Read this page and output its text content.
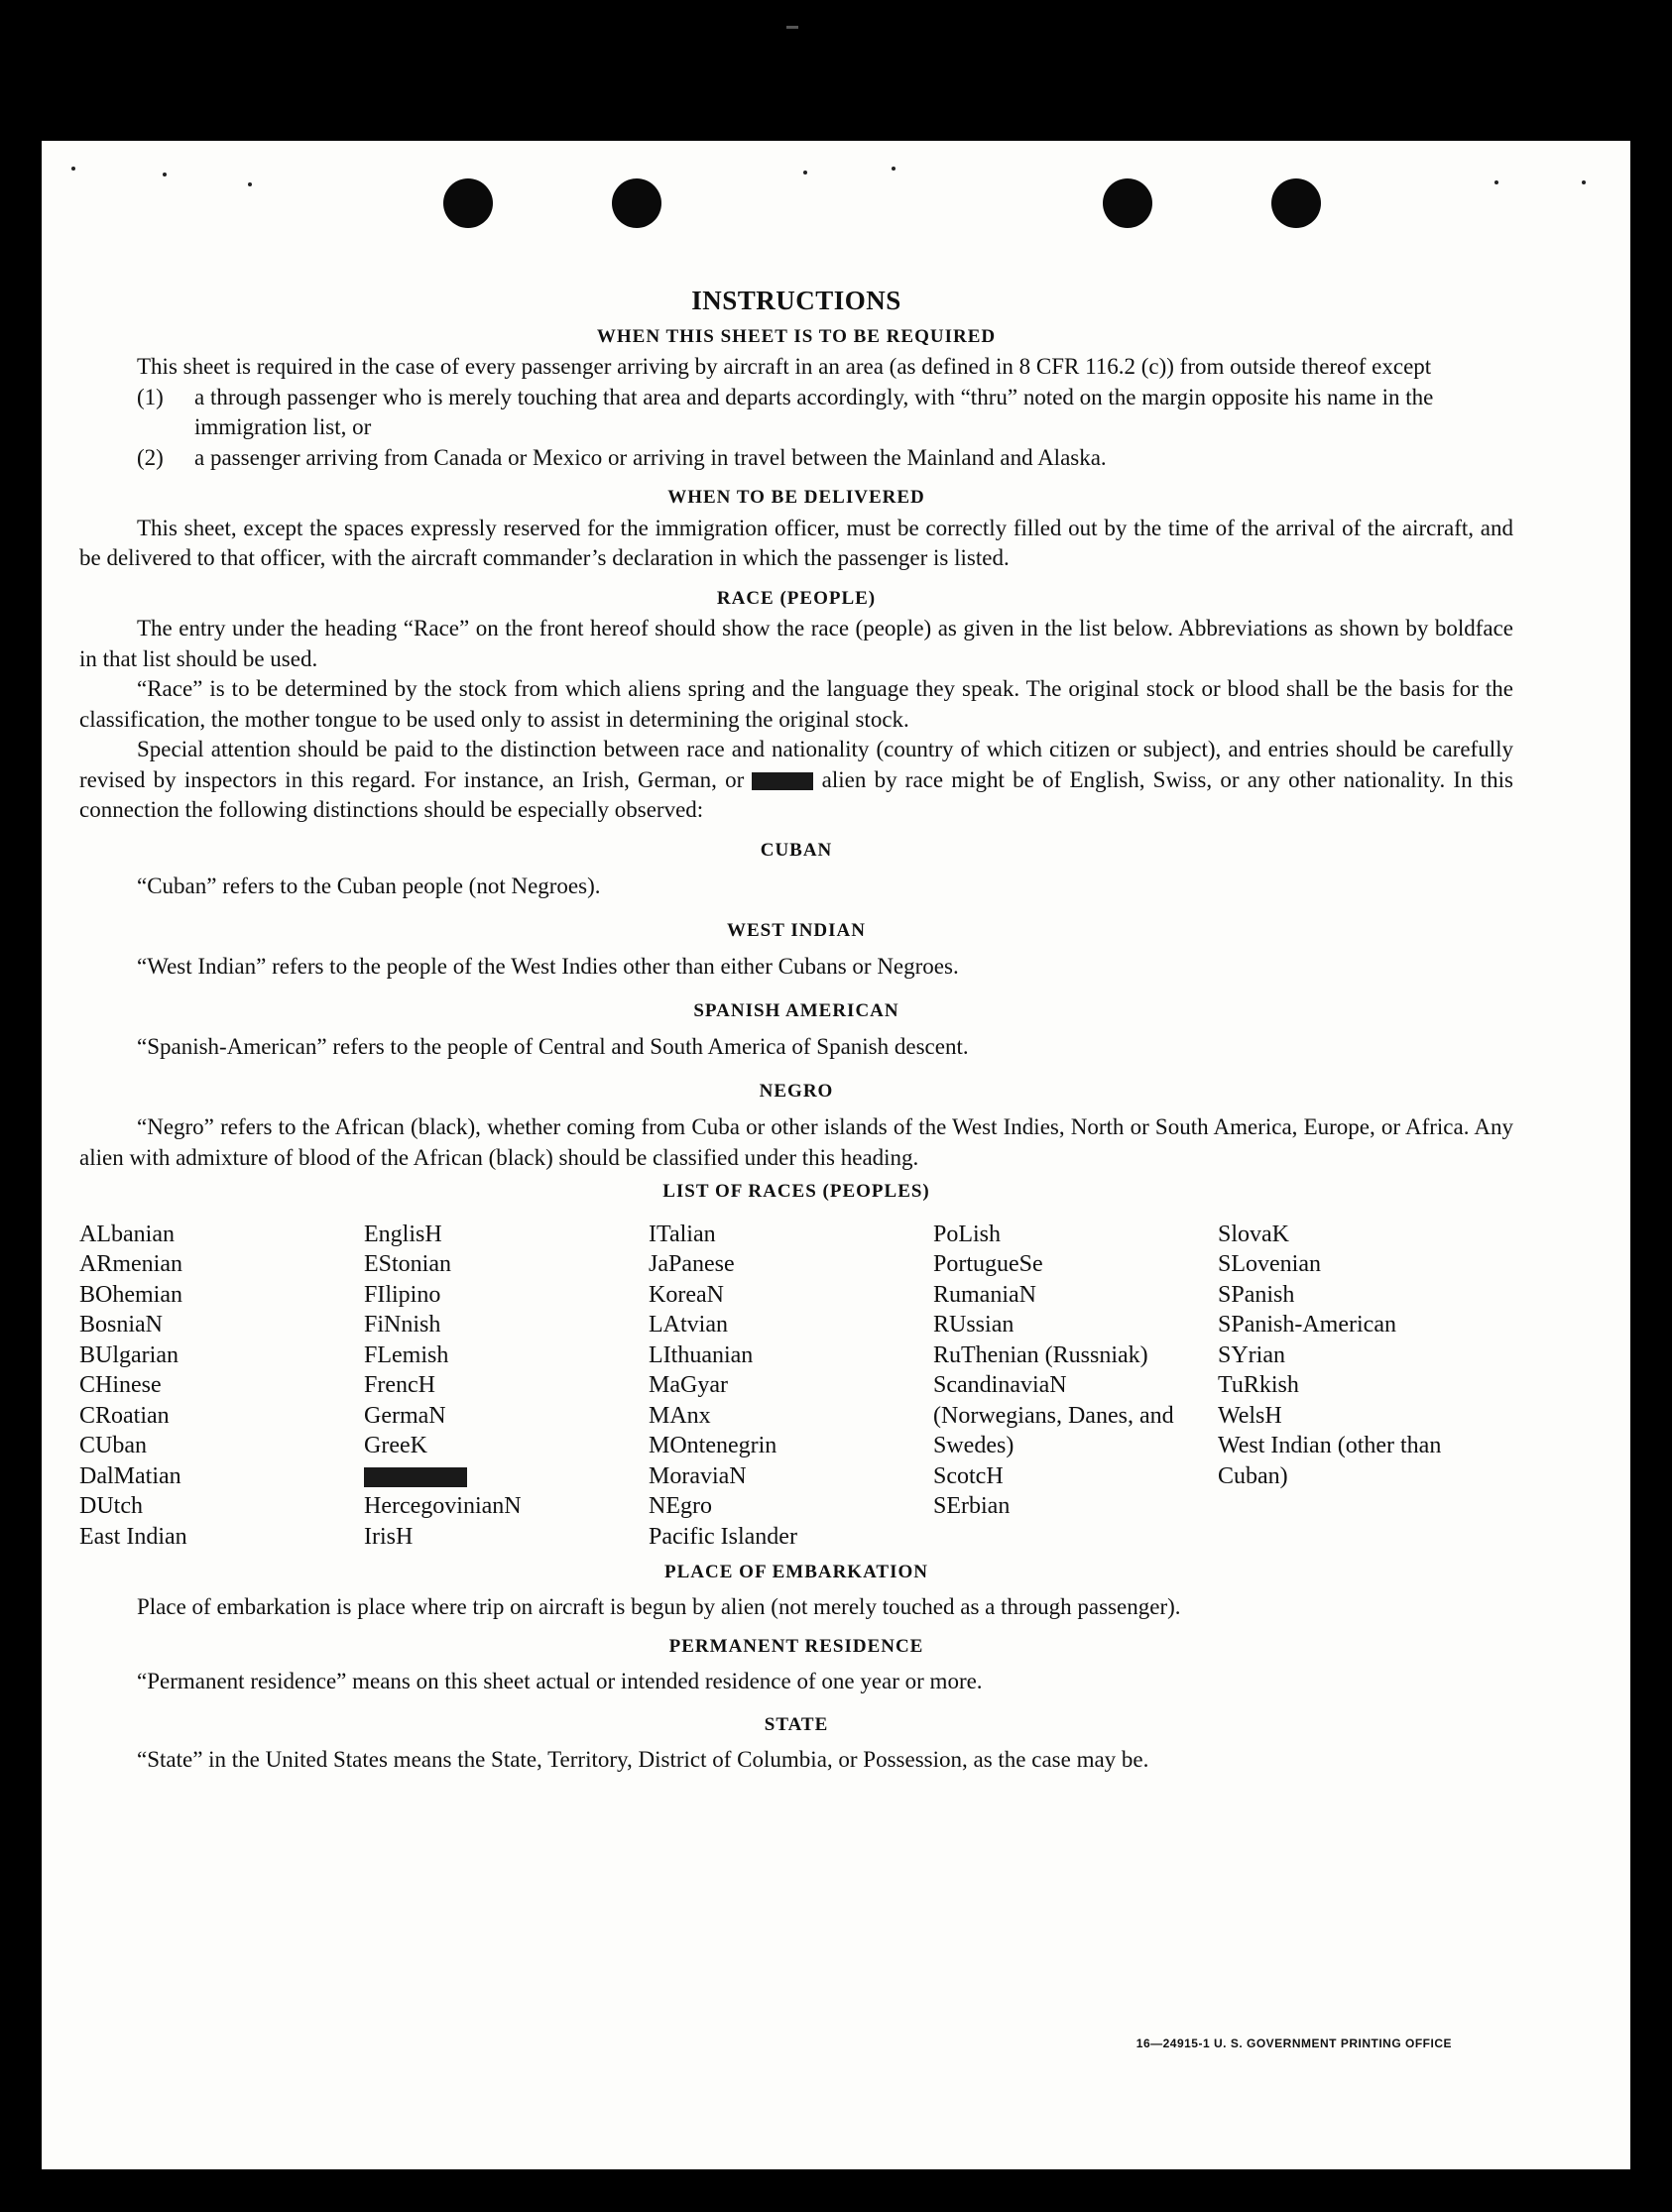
INSTRUCTIONS
WHEN THIS SHEET IS TO BE REQUIRED

This sheet is required in the case of every passenger arriving by aircraft in an area (as defined in 8 CFR 116.2 (c)) from outside thereof except

(1) a through passenger who is merely touching that area and departs accordingly, with “thru” noted on the margin opposite his name in the immigration list, or

(2) a passenger arriving from Canada or Mexico or arriving in travel between the Mainland and Alaska.

WHEN TO BE DELIVERED

This sheet, except the spaces expressly reserved for the immigration officer, must be correctly filled out by the time of the arrival of the aircraft, and be delivered to that officer, with the aircraft commander’s declaration in which the passenger is listed.

RACE (PEOPLE)

The entry under the heading “Race” on the front hereof should show the race (people) as given in the list below. Abbreviations as shown by boldface in that list should be used.

“Race” is to be determined by the stock from which aliens spring and the language they speak. The original stock or blood shall be the basis for the classification, the mother tongue to be used only to assist in determining the original stock.

Special attention should be paid to the distinction between race and nationality (country of which citizen or subject), and entries should be carefully revised by inspectors in this regard. For instance, an Irish, German, or	alien by race might be of English, Swiss, or any other nationality. In this connection the following distinctions should be especially observed:

CUBAN

“Cuban” refers to the Cuban people (not Negroes).

WEST INDIAN

“West Indian” refers to the people of the West Indies other than either Cubans or Negroes.

SPANISH AMERICAN

“Spanish-American” refers to the people of Central and South America of Spanish descent.

NEGRO

“Negro” refers to the African (black), whether coming from Cuba or other islands of the West Indies, North or South America, Europe, or Africa. Any alien with admixture of blood of the African (black) should be classified under this heading.

LIST OF RACES (PEOPLES)
ALbanian
ARmenian
BOhemian
BosniaN
BUlgarian
CHinese
CRoatian
CUban
DalMatian
DUtch
East Indian
EnglisH
EStonian
FIlipino
FiNnish
FLemish
FrencH
GermaN
GreeK
HercegovinianN
IrisH
ITalian
JaPanese
KoreaN
LAtvian
LIthuanian
MaGyar
MAnx
MOntenegrin
MoraviaN
NEgro
Pacific Islander
PoLish
PortugueSe
RumaniaN
RUssian
RuThenian (Russniak)
ScandinaviaN (Norwegians, Danes, and Swedes)
ScotcH
SErbian
SlovaK
SLovenian
SPanish
SPanish-American
SYrian
TuRkish
WelsH
West Indian (other than Cuban)
PLACE OF EMBARKATION

Place of embarkation is place where trip on aircraft is begun by alien (not merely touched as a through passenger).

PERMANENT RESIDENCE

“Permanent residence” means on this sheet actual or intended residence of one year or more.

STATE

“State” in the United States means the State, Territory, District of Columbia, or Possession, as the case may be.

16—24915-1 U. S. GOVERNMENT PRINTING OFFICE
